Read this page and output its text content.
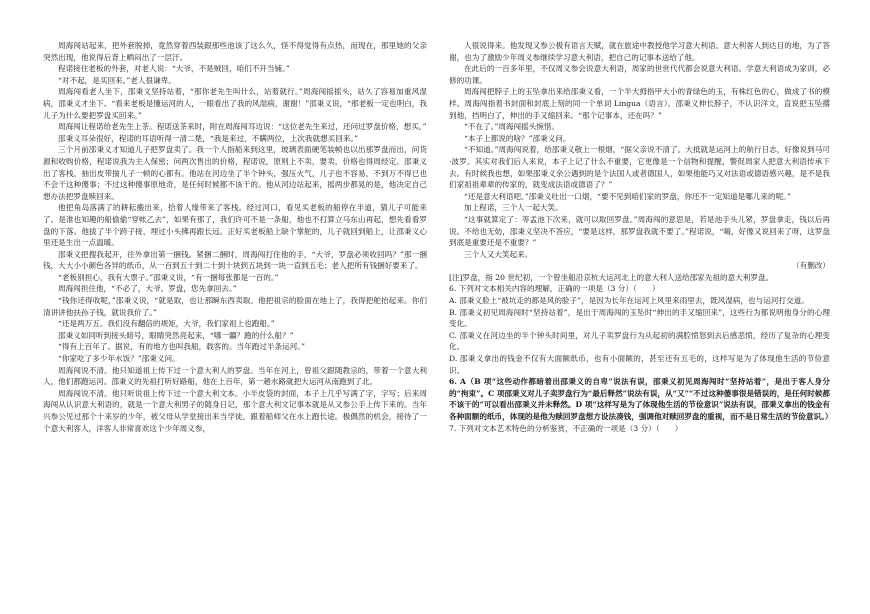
周海闯站起来，把外套脱掉，竟然穿着西装跟那些池该了这么久，怪不得觉得有点热，而现在，那里她的父亲突然出现，他说得后背上晒闷出了一层汗。

程诺接住老板的外套，对老人说：“大爷，不是贼回，咱们不开当铺。”

“对不起，是买回来。”老人很谦卑。

周海闯看老人坐下，邵秉义坚持站着，“那你老先生叫什么，站着就行。”周海闯摇摇头，站久了容易加重风湿病，邵秉义才坐下。“看来老板是懂运河的人，一眼看出了我的风湿病，谢谢！”邵秉义说，“那老板一定也明白，我儿子为什么要把罗盘买回来。”

周海闯让程诺给老先生上茶。程诺送茶来时，附在周海闯耳边说：“这位老先生来过，还问过罗盘价格，想买。”

邵秉义耳朵很好，程诺的耳语听得一清二楚，“我是来过，不瞒两位，上次我就想买回来。”

三个月前邵秉义才知道儿子把罗盘卖了。我一个人指船来到这里，玻璃表面硬笔装帧也以出那罗盘而出，问货源和收购价格，程诺说我为主人保密；问两次售出的价格，程诺说，原则上不卖，要卖，价格也得周经定。邵秉义出了客栈，抽出皮带揣儿子一顿的心都有。他站在河边坐了半个钟头，强压火气，儿子也不容易，不到万不得已也不会干这种傻事；不过这种傻事原地奇，是任何时候都不该干的。他从河边站起来，摇两步都晃的是，他决定自己想办法把罗盘赎回来。

他把角岛落满了的耕耘搬出来，拾着人缘带来了客栈。经过河口，看见买老板的船停在半道，猜儿子可能来了。是准也知趣的船偷偷“穿帐乙去”，如果有那了，我们许可不是一条船，他也不打算立马东山再起，想先看看罗盘的下落。他拔了半个跨子接，埋过小头拂再跟长远。正好买老板船上缺个掌舵的，儿子就回到船上，让邵秉义心里还是生出一点温暖。

邵秉义把搜我起开，往外拿出第一捆钱。紧捆二捆时，周海闯打住他的手，“大爷，罗盘必须收回吗？”那一捆钱，大大小小颜色各异的纸币，从一百到五十到二十到十块到五块到一块一直到五毛；老人把所有钱捆好要来了。

“老板别担心，我有大票子。”邵秉义说，“有一捆每张都是一百的。”

周海闯担住他，“不必了，大爷。罗盘，您先拿回去。”

“钱你还得收呢，”邵秉义说，“就是取，也让那瞬东西卖取。他把祖宗的脸面在地上了，我得把舵抬起来。你们清讲讲他扶孙子钱，就说我价了。”

“还是两万五。我们没有翻倍的规矩，大爷，我们家祖上也跑船。”

邵秉义如同听到接头暗号，眼睛突然亮起来，“哪一疆？跑的什么船？”

“得有上百年了。据说，有的地方也叫我船，载客的。当年跑过半条运河。”

“你家吃了多少年水饭？”邵秉义问。

周海闯说不清。他只知道祖上传下过一个意大利人的罗盘。当年在河上，曾祖父跟随教宗的，带着一个意大利人，他们都跑运河。邵秉义的先祖打听好路船，他在上百年，第一趟水路就把大运河从南跑到了北。

周海闯说不清。他只听说祖上传下过一个意大利文本。小半皮袋的封面，本子上几乎写满了字，字写；后来周海闯从认识意大利语的，就是一个意大利男子的随身日记，那个意大利文记事本就是从又参公手上传下来的。当年兴参公见过那个十来岁的少年，被父母从学堂接出来当学徒，跟着船师父在水上跑长途。极偶然的机会，接待了一个意大利客人，洋客人非常喜欢这个少年周义参，

人很说得来。他发现又参公极有语言天赋，就在旅途中教授他学习意大利语。意大利客人到达目的地，为了答谢，也为了激励少年周义参继续学习意大利语，把自己的记事本送给了他。

在此后的一百多年里，不仅周义参会说意大利语，周家的世世代代都会说意大利语。学意大利语成为家训，必修的功课。

周海闯把脖子上的玉坠拿出来给邵秉义看，一个半大拇指甲大小的青绿色的玉，有株红色的心，做成了书的模样。周海闯指着书封面和封底上刻的同一个单词 Lingua（语言）。邵秉义伸长脖子，不认识洋文，直说把玉坠撂到他，挡明白了，伸出的手又缩回来。“那个记事本，还在吗？”

“不在了。”周海闯摇头惋惜。

“本子上都说的啥？”邵秉义问。

“不知道。”周海闯说着，给邵秉义敬上一根烟，“据父亲说不清了。大抵就是运河上的航行日志，好像说到马可·波罗。其实对我们后人来说，本子上记了什么不重要，它更像是一个信物和提醒，警促周家人把意大利语传承下去。有时候我也想，如果邵秉义余公遇到的是个法国人或者德国人，如果他能巧又对法语或德语感兴趣，是不是我们家祖祖辈辈的传家的，就变成法语或德语了？”

“还是意大利语吧。”邵秉义吐出一口烟，“要不见到咱们家的罗盘，你还不一定知道是哪儿来的呢。”

加上程诺，三个人一起大笑。

“这事就算定了：等孟池下次来，就可以取回罗盘。”周海闯的意思是，若是池手头儿紧，罗盘拿走，钱以后再说。不给也无妨，邵秉义坚决不答应，“要是这样，那罗盘我就不要了。”程诺说，“嗨，好像又说回来了呀，这罗盘到底是重要还是不重要？”

三个人又大笑起来。

（有删改）

[注]罗盘，指 20 世纪初，一个曾坐船沿京杭大运河北上的意大利人送给邵家先祖的意大利罗盘。

6. 下列对文本相关内容的理解，正确的一项是（3 分）（　　）

A. 邵秉义脸上“被坑走的都是风的脸子”，是因为长年在运河上风里来雨里去，既风湿病，也与运河打交道。

B. 邵秉义初见周海闯时“坚持站着”，是出于周海闯的玉坠时“伸出的手又缩回来”，这些行为都说明他身分的心理变化。

C. 邵秉义在河边坐的半个钟头时间里，对儿子卖罗盘行为从起初的满腔愤怒到去后感悲愤，经历了复杂的心理变化。

D. 邵秉义拿出的钱金不仅有大面额纸币，也有小面额的，甚至还有五毛的，这样写是为了体现他生活的节俭意识。

6. A（B 项“这些动作都暗着出邵秉义的自卑”说法有误，邵秉义初见周海闯时“坚持站着”，是出于客人身分的“拘束”。C 项邵秉义对儿子卖罗盘行为“最后释然”说法有误，从“又”“不过这种傻事很是错误的，是任何时候都不该干的”可以看出邵秉义并未释然。D 项“这样写是为了体现他生活的节俭意识”说法有误，邵秉义拿出的钱金有各种面额的纸币，体现的是他为赎回罗盘想方设法凑钱，强调他对赎回罗盘的重视，而不是日常生活的节俭意识。）

7. 下列对文本艺术特色的分析鉴赏，不正确的一项是（3 分）（　　）
